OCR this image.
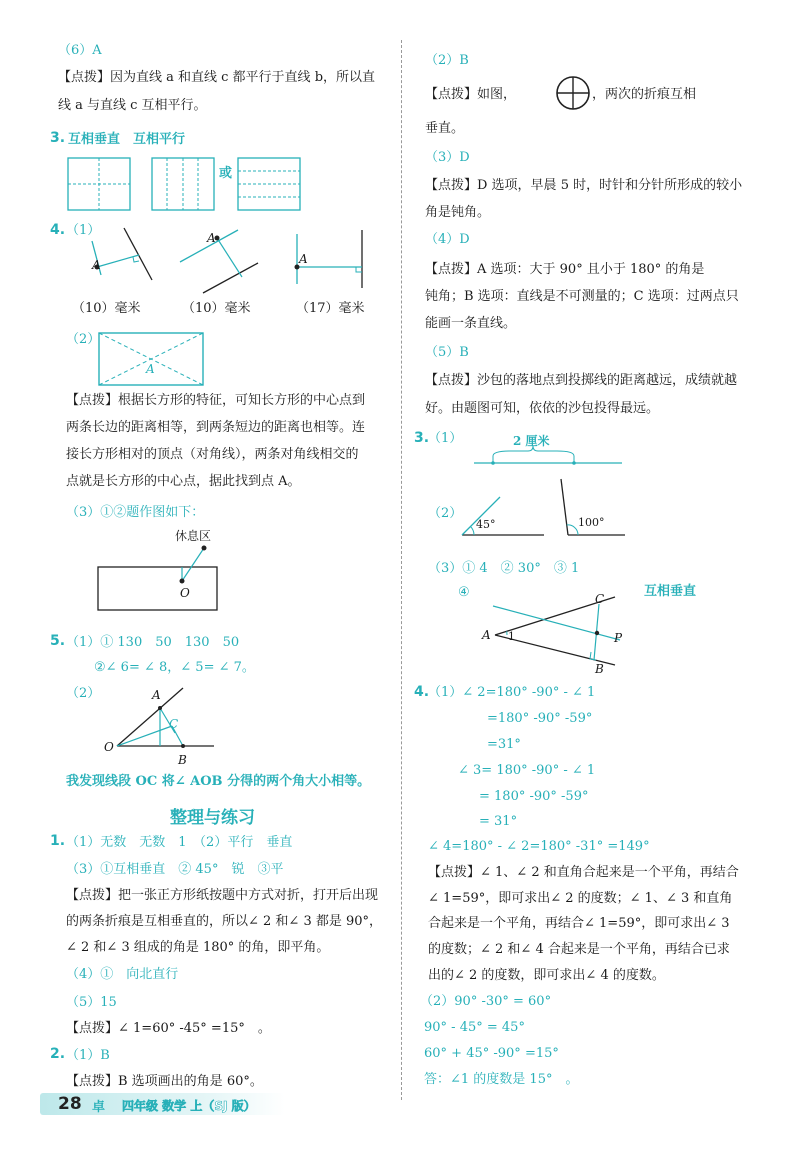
（6）A
【点拨】因为直线 a 和直线 c 都平行于直线 b，所以直
线 a 与直线 c 互相平行。
3. 互相垂直　互相平行
或
4. （1）
A
A
A
（10）毫米	（10）毫米	（17）毫米
（2）
A
【点拨】根据长方形的特征，可知长方形的中心点到
两条长边的距离相等，到两条短边的距离也相等。连
接长方形相对的顶点（对角线），两条对角线相交的
点就是长方形的中心点，据此找到点 A。
（3）①②题作图如下：
休息区
O
5. （1）① 130　50　130　50
②∠ 6= ∠ 8，∠ 5= ∠ 7。
（2）	A
C
O
B
我发现线段 OC 将∠ AOB 分得的两个角大小相等。
整理与练习
1. （1）无数　无数　1　（2）平行　垂直
（3）①互相垂直　② 45°　锐　③平
【点拨】把一张正方形纸按题中方式对折，打开后出现
的两条折痕是互相垂直的，所以∠ 2 和∠ 3 都是 90°，
∠ 2 和∠ 3 组成的角是 180° 的角，即平角。
（4）①　向北直行
（5）15
【点拨】∠ 1=60° -45° =15°　。
2. （1）B
【点拨】B 选项画出的角是 60°。
（2）B
【点拨】如图，	，两次的折痕互相
垂直。
（3）D
【点拨】D 选项，早晨 5 时，时针和分针所形成的较小
角是钝角。
（4）D
【点拨】A 选项：大于 90° 且小于 180° 的角是
钝角；B 选项：直线是不可测量的；C 选项：过两点只
能画一条直线。
（5）B
【点拨】沙包的落地点到投掷线的距离越远，成绩就越
好。由题图可知，依依的沙包投得最远。
3.
（1）	2 厘米
45°	100°
（2）
（3）① 4　② 30°　③ 1
④	互相垂直
C
A 1	P
B
4.
（1）∠ 2=180° -90° - ∠ 1
=180° -90° -59°
=31°
∠ 3= 180° -90° - ∠ 1
= 180° -90° -59°
= 31°
∠ 4=180° - ∠ 2=180° -31° =149°
【点拨】∠ 1、∠ 2 和直角合起来是一个平角，再结合
∠ 1=59°，即可求出∠ 2 的度数；∠ 1、∠ 3 和直角
合起来是一个平角，再结合∠ 1=59°，即可求出∠ 3
的度数；∠ 2 和∠ 4 合起来是一个平角，再结合已求
出的∠ 2 的度数，即可求出∠ 4 的度数。
（2）90° -30° = 60°
90° - 45° = 45°
60° + 45° -90° =15°
答：∠1 的度数是 15°　。
28 卓 四年级 数学 上（SJ 版）
